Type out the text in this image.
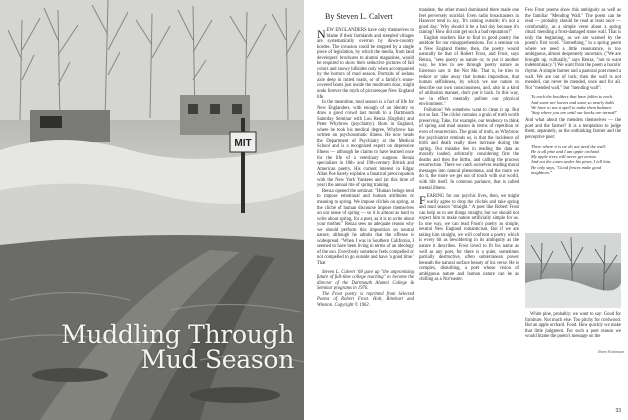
MIT
Muddling Through
Mud Season
By Steven L. Calvert

NEW ENGLANDERS have only themselves to blame if their farmlands and steepled villages are systematically overrun by down-country hordes. The invasion could be stopped by a single piece of legislation, by which the media, from land developers' brochures to alumni magazines, would be required to show their seductive pictures of fall colors and snowy hillsides only when accompanied by the horrors of mud season. Portraits of sedans axle deep in rutted roads, or of a family's stone-covered boots just inside the mudroom door, might undo forever the myth of picturesque New England life.

In the meantime, mud season is a fact of life for New Englanders, with enough of an identity to draw a good crowd last month to a Dartmouth Saturday Seminar with Lou Renza (English) and Peter Whybrow (psychiatry). Born in England, where he took his medical degree, Whybrow has written on psychosomatic illness. He now heads the Department of Psychiatry at the Medical School and is a recognized expert on depressive illness — although he claims to have learned once for the life of a veterinary surgeon. Renza specializes in 18th- and 19th-century British and American poetry. His current interest in Edgar Allan Poe barely explains a fanatical preoccupation with the New York Yankees and (at this time of year) the annual rite of spring training.

Renza opened the seminar: "Human beings tend to impose emotional and human attributes or meaning to spring. We impose clichés on spring, at the cliché of human discourse impose themselves on our sense of spring — so it is almost as hard to write about spring, for a poet, as it is to write about your mother." Renza sees no adequate reason why we should perform this imposition on neutral nature, although he admits that the offense is widespread. "When I was in Southern California, I seemed to have been living in terms of an ideology of the sun. Everybody somehow feels compelled or not compelled to go outside and have 'a good time.' That

Steven L. Calvert '68 gave up "the unpromising future of full-time college teaching" to become the director of the Dartmouth Alumni College & Seminar programs in 1976.

The Frost poetry is reprinted from Selected Poems of Robert Frost. Holt, Rinehart and Winston. Copyright © 1962.

mandate, the other mood dominated there made one feel perversely suicidal. Even radio broadcasters in Hanover tend to say, 'It's raining outside; it's not a good day.' Why should it be a bad day because it's raining? How did rain get such a bad reputation?"

English teachers like to find in good poetry the antidote for our misapprehensions. For a seminar on a New England theme, then, the poetry would naturally be that of Robert Frost, and Frost, says Renza, "sees poetry as nature or, to put it another way, he tries to see through poetry nature as Emerson saw it: the Not Me. That is, he tries to reduce or take away that human imposition, that human selfishness, by which we use nature to describe our own consciousness, and, also in a kind of utilitarian manner, don't put it back. In this way, we in effect mentally pollute our physical environment."

Pollution! We somehow want to clean it up. But not so fast. The cliché contains a grain of truth worth preserving. Take, for example, our tendency to think of spring and mud season in terms of repetition or even of resurrection. The grain of truth, as Whybrow the psychiatrist reminds us, is that the incidence of birth and death really does increase during the spring. Our mistake lies in reading the data as morally loaded, arbitrarily considering first the deaths and then the births, and calling the process resurrection. There we catch ourselves reading moral messages into natural phenomena, and the more we do it, the more we get out of touch with our world, with life itself. In common parlance, that is called mental illness.

FEARING for our psychic lives, then, we might warily agree to drop the clichés and take spring and mud season "straight." A poet like Robert Frost can help us to see things straight, but we should not expect him to make nature artificially simple for us. In one way, we can read Frost's poetry as simple, neutral New England romanticism. But if we are taking him straight, we will confront a poetry which is every bit as bewildering in its ambiguity as the nature it describes. Frost loved to fit his name as well as any poet, for there is a quiet, sometimes partially destructive, often subterranean power beneath the natural surface beauty of his verse. He is complex, disturbing, a poet whose vision of ambiguous nature and human nature can be as chilling as a Nor'easter.

Few Frost poems show this ambiguity as well as the familiar "Mending Wall." The poem can be read — probably should be read at least once — comfortably, as a simple verse about a spring ritual: mending a frost-damaged stone wall. That is only the beginning, as we are warned by the poem's first word. "Something," in a spring poem where we need a little reassurance, is too ambiguous, almost desperately uncertain. ("We are brought up, culturally," says Renza, "not to want indeterminacy.") We want from the poem a bucolic rhyme. A simple farmer and a pastoral poet mend a wall. We are out of luck; then the wall is not mended, can never be mended, once and for all. Not "mended wall," but "mending wall":

To each the boulders that have fallen to each.
And some are loaves and some so nearly balls
We have to use a spell to make them balance:
'Stay where you are until our backs are turned!'

And what about the menders themselves — the poet and the farmer? It is a temptation to judge them, separately, as the unthinking farmer and the perceptive poet:

There where it is we do not need the wall:
He is all pine and I am apple orchard.
My apple trees will never get across
And eat the cones under his pines, I tell him.
He only says, "Good fences make good neighbors."
Eben Robinson

White pine, probably; we want to say: Good for furniture. Not much else. Too pitchy for cordwood. But an apple orchard. Food. How quickly we make that little judgment. For such a poet reason we would blame the poem's message on the

33
